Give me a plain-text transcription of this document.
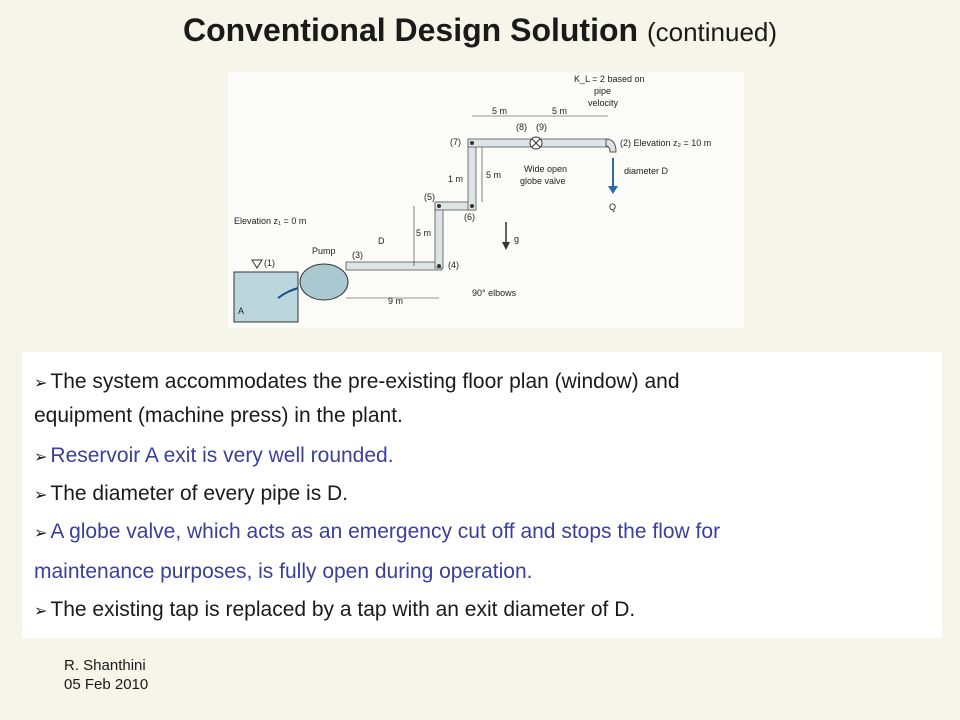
Conventional Design Solution (continued)
K_L = 2 based on
pipe
velocity
5 m	5 m
(7)
(8) (9)
(2) Elevation z₂ = 10 m
1 m	5 m
Wide open
globe valve
diameter D
(5)
(6)
Q
Elevation z₁ = 0 m
5 m
D	g
Pump (3)
(1)	(4)
90° elbows
9 m
A
➢ The system accommodates the pre-existing floor plan (window) and
equipment (machine press) in the plant.
➢ Reservoir A exit is very well rounded.
➢ The diameter of every pipe is D.
➢ A globe valve, which acts as an emergency cut off and stops the flow for
maintenance purposes, is fully open during operation.
➢ The existing tap is replaced by a tap with an exit diameter of D.
R. Shanthini
05 Feb 2010
